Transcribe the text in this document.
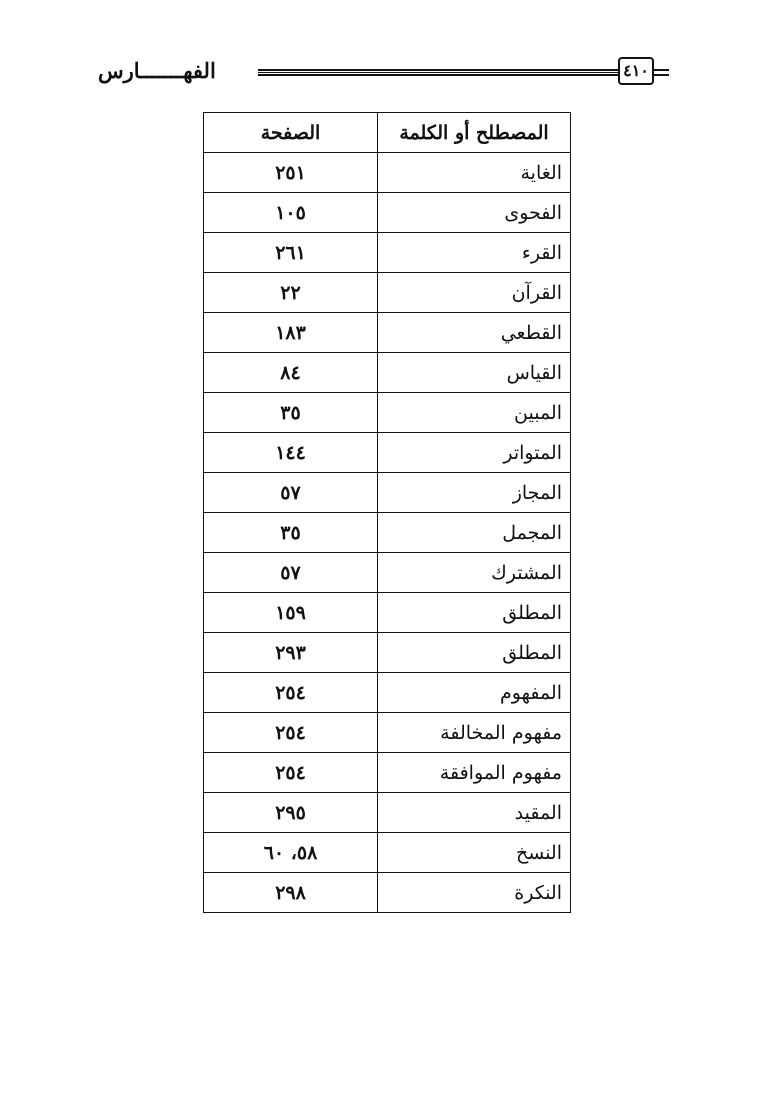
الفهـــــــارس	٤١٠
المصطلح أو الكلمة	الصفحة
الغاية	٢٥١
الفحوى	١٠٥
القرء	٢٦١
القرآن	٢٢
القطعي	١٨٣
القياس	٨٤
المبين	٣٥
المتواتر	١٤٤
المجاز	٥٧
المجمل	٣٥
المشترك	٥٧
المطلق	١٥٩
المطلق	٢٩٣
المفهوم	٢٥٤
مفهوم المخالفة	٢٥٤
مفهوم الموافقة	٢٥٤
المقيد	٢٩٥
النسخ	٥٨، ٦٠
النكرة	٢٩٨
